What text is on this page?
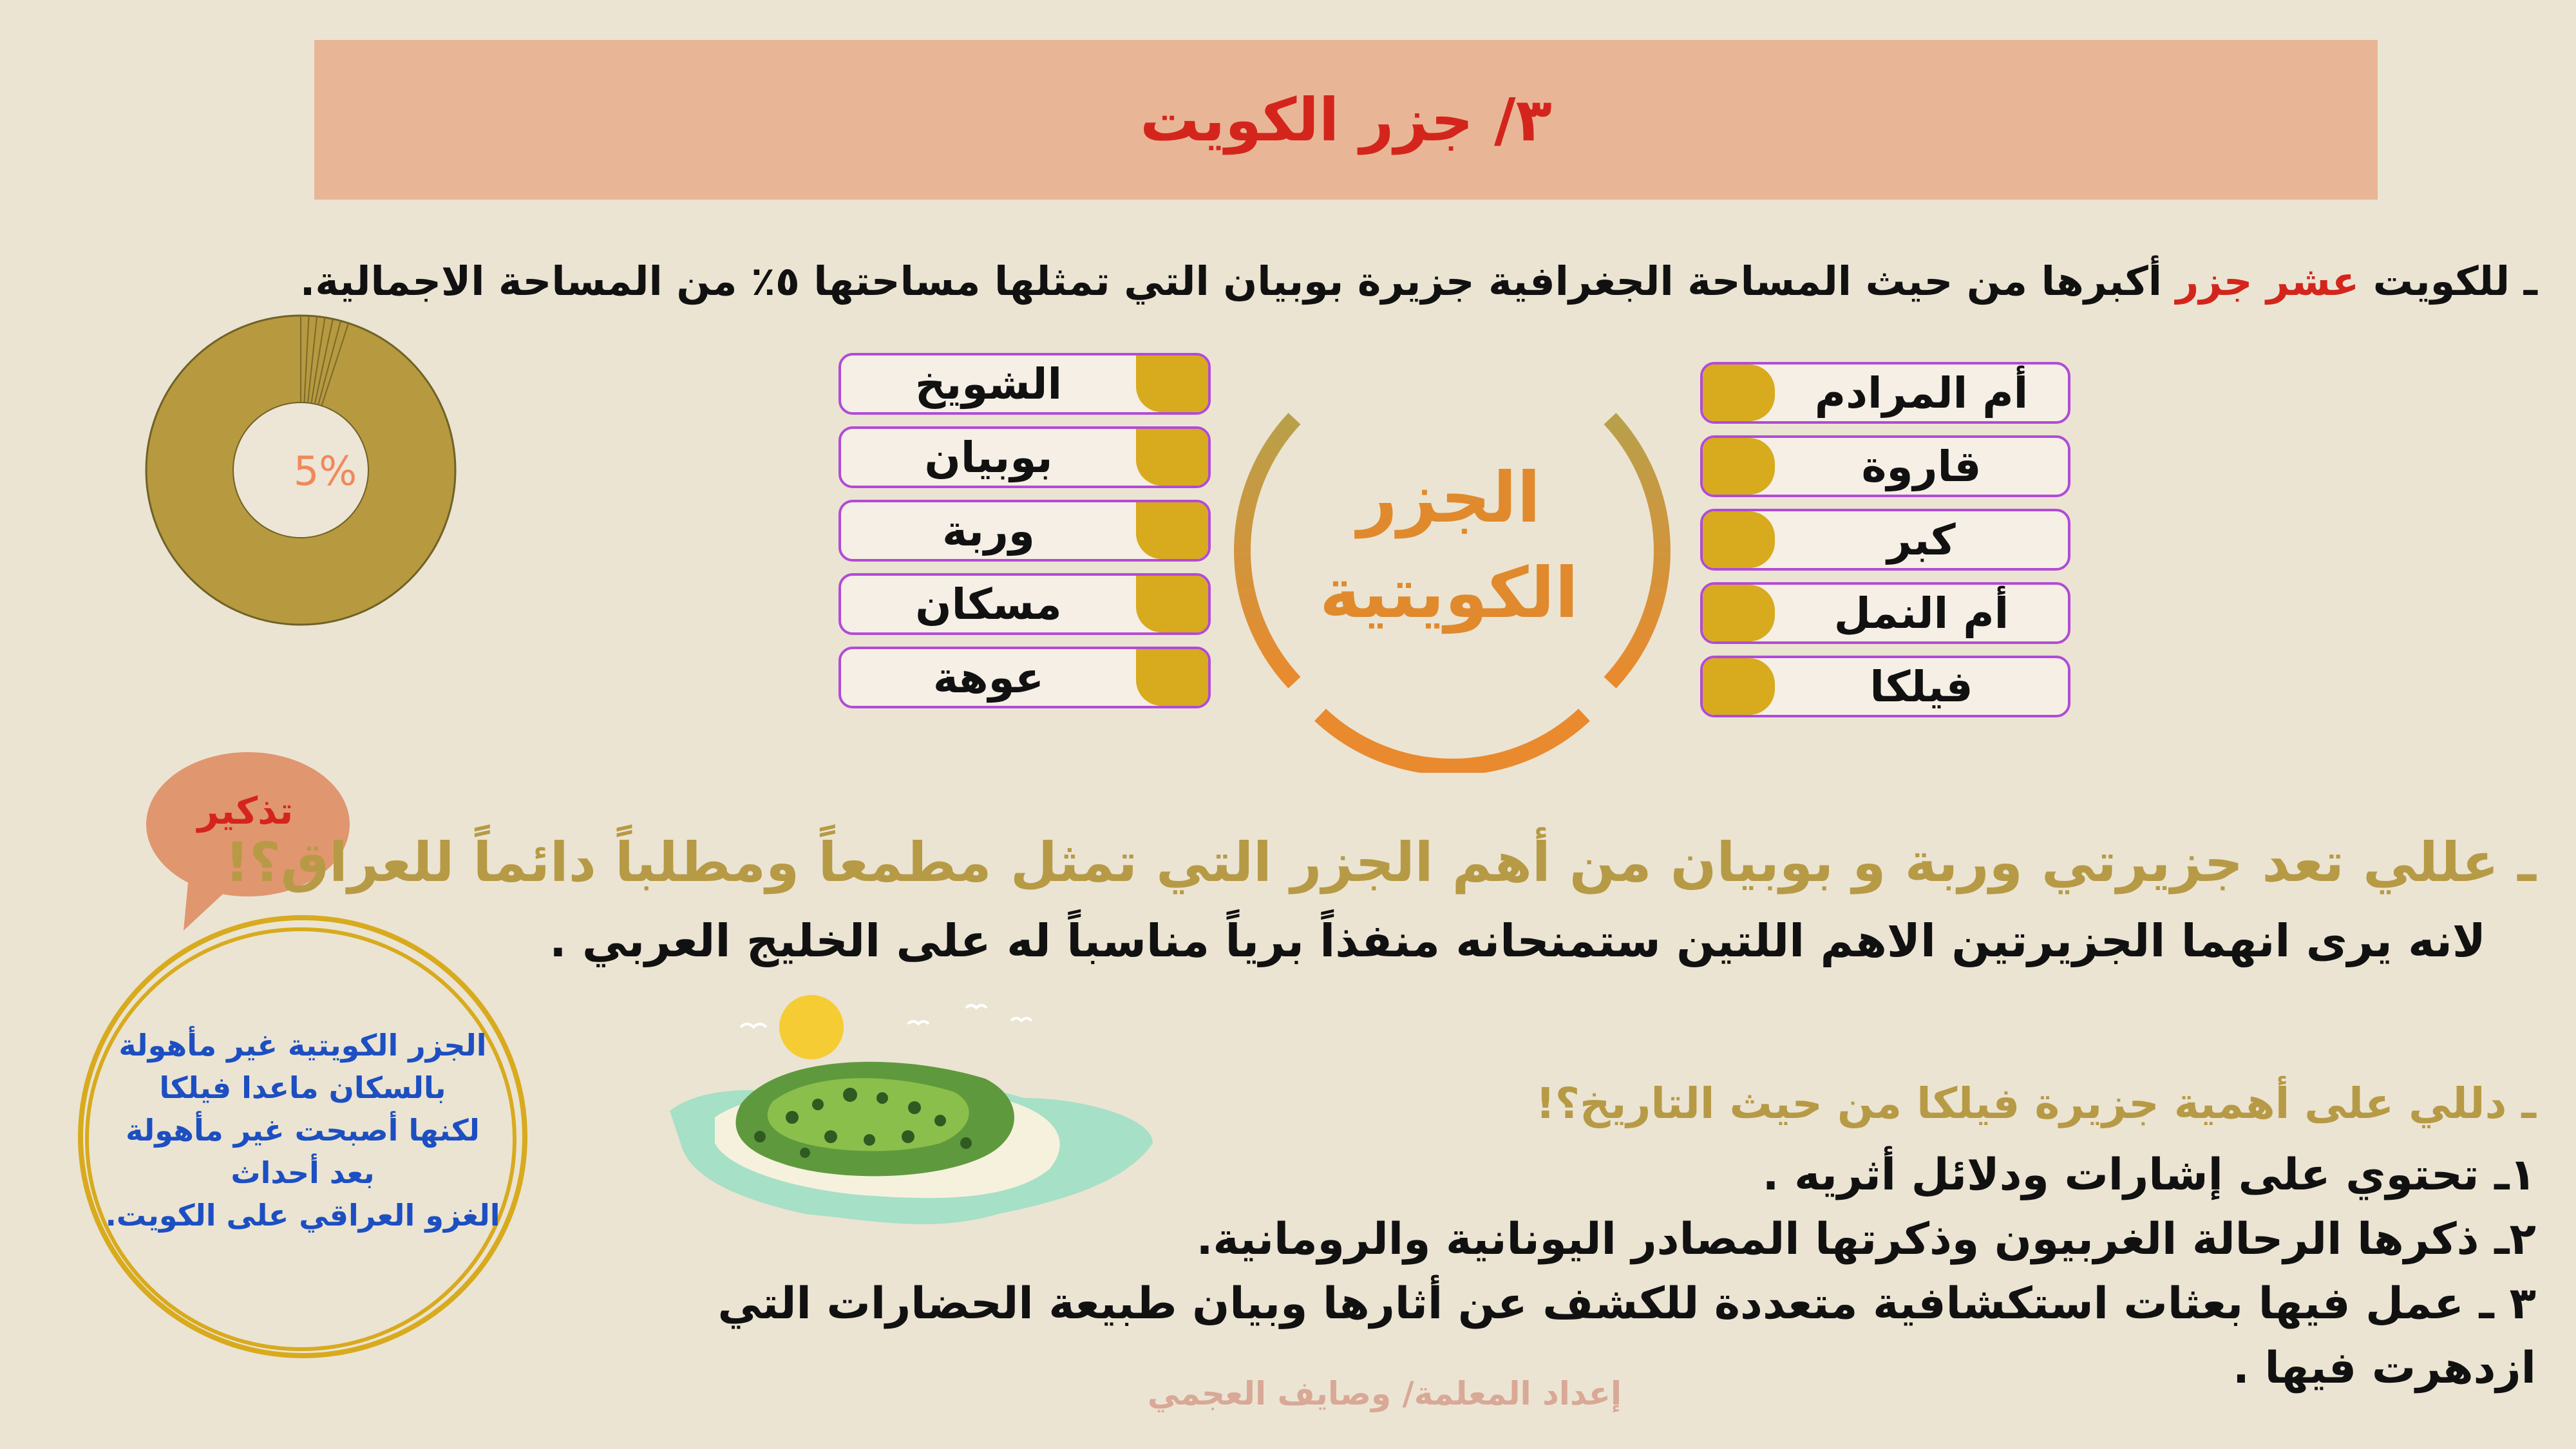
٣/ جزر الكويت
ـ للكويت عشر جزر أكبرها من حيث المساحة الجغرافية جزيرة بوبيان التي تمثلها مساحتها ٥٪ من المساحة الاجمالية.
5%	الجزر
الكويتية
الشويخ
بوبيان
وربة
مسكان
عوهة
أم المرادم
قاروة
كبر
أم النمل
فيلكا
تذكير
الجزر الكويتية غير مأهولة
بالسكان ماعدا فيلكا
لكنها أصبحت غير مأهولة
بعد أحداث
الغزو العراقي على الكويت.
ـ عللي تعد جزيرتي وربة و بوبيان من أهم الجزر التي تمثل مطمعاً ومطلباً دائماً للعراق؟!
لانه يرى انهما الجزيرتين الاهم اللتين ستمنحانه منفذاً برياً مناسباً له على الخليج العربي .
ـ دللي على أهمية جزيرة فيلكا من حيث التاريخ؟!
١ـ تحتوي على إشارات ودلائل أثريه .
٢ـ ذكرها الرحالة الغربيون وذكرتها المصادر اليونانية والرومانية.
٣ ـ عمل فيها بعثات استكشافية متعددة للكشف عن أثارها وبيان طبيعة الحضارات التي
ازدهرت فيها .
إعداد المعلمة/ وصايف العجمي
